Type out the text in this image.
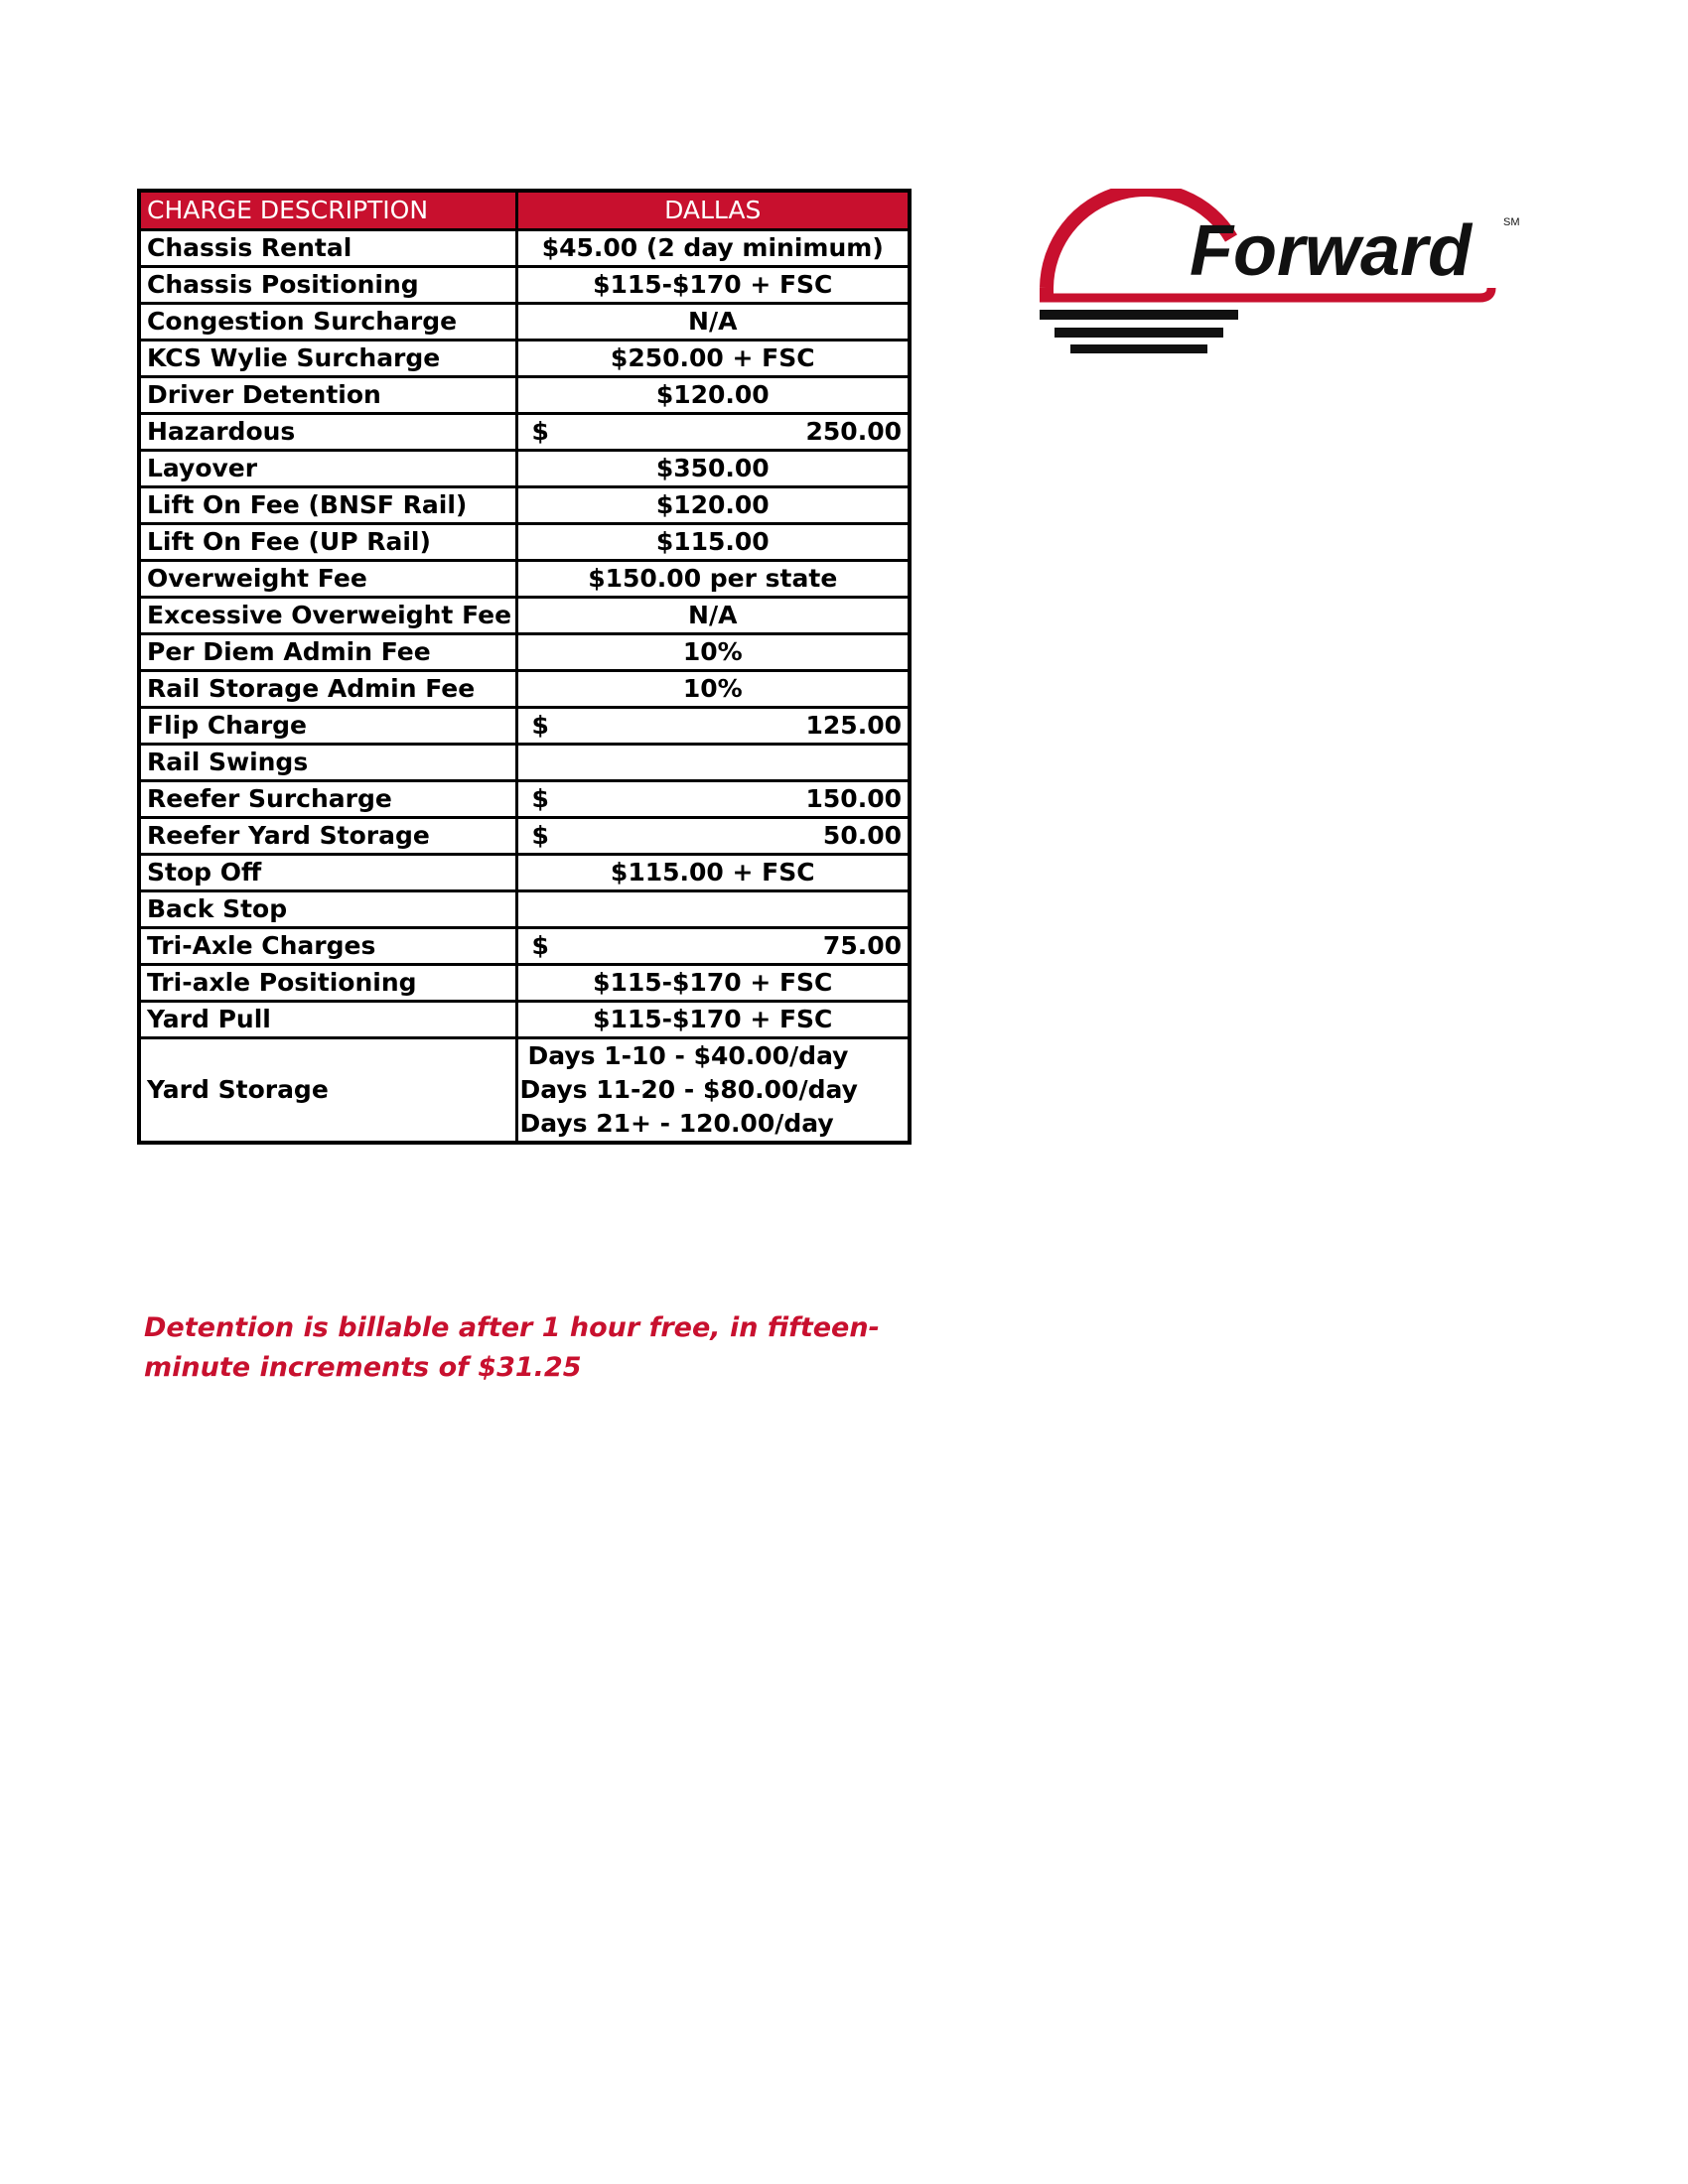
CHARGE DESCRIPTION	DALLAS
Chassis Rental	$45.00 (2 day minimum)
Chassis Positioning	$115-$170 + FSC
Congestion Surcharge	N/A
KCS Wylie Surcharge	$250.00 + FSC
Driver Detention	$120.00
Hazardous	$ 250.00

Layover	$350.00
Lift On Fee (BNSF Rail)	$120.00
Lift On Fee (UP Rail)	$115.00
Overweight Fee	$150.00 per state
Excessive Overweight Fee	N/A
Per Diem Admin Fee	10%
Rail Storage Admin Fee	10%
Flip Charge	$ 125.00

Rail Swings	
Reefer Surcharge	$ 150.00

Reefer Yard Storage	$ 50.00

Stop Off	$115.00 + FSC
Back Stop	
Tri-Axle Charges	$ 75.00

Tri-axle Positioning	$115-$170 + FSC
Yard Pull	$115-$170 + FSC
Yard Storage	Days 1-10 - $40.00/day
Days 11-20 - $80.00/day
Days 21+ - 120.00/day

Detention is billable after 1 hour free, in fifteen-minute increments of $31.25

Forward	SM
